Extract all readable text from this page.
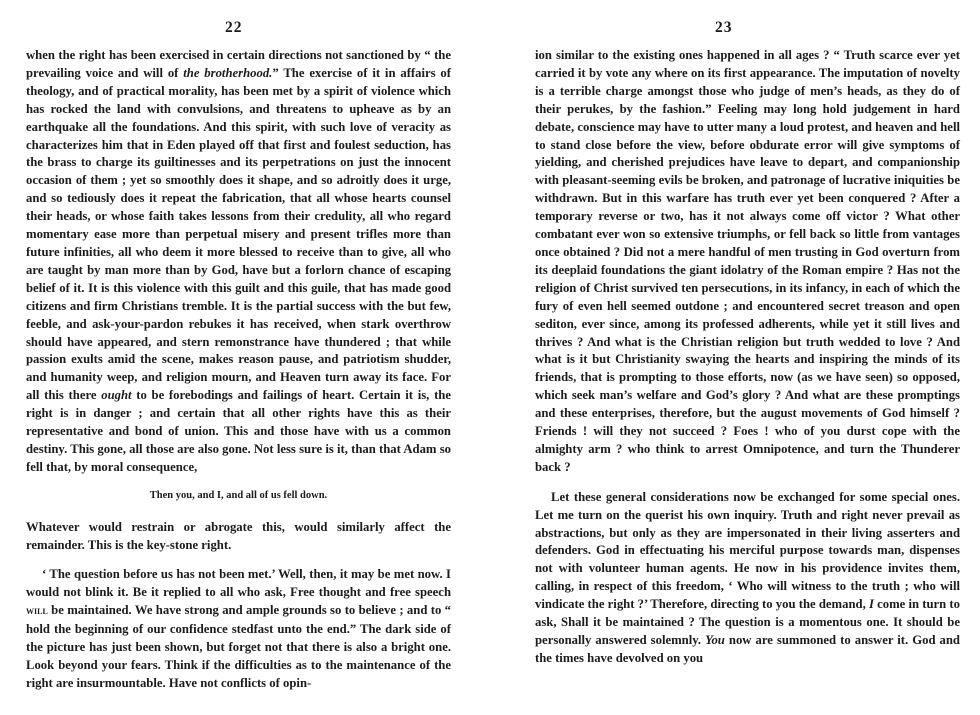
22

when the right has been exercised in certain directions not sanctioned by “ the prevailing voice and will of the brotherhood.” The exercise of it in affairs of theology, and of practical morality, has been met by a spirit of violence which has rocked the land with convulsions, and threatens to upheave as by an earthquake all the foundations. And this spirit, with such love of veracity as characterizes him that in Eden played off that first and foulest seduction, has the brass to charge its guiltinesses and its perpetrations on just the innocent occasion of them ; yet so smoothly does it shape, and so adroitly does it urge, and so tediously does it repeat the fabrication, that all whose hearts counsel their heads, or whose faith takes lessons from their credulity, all who regard momentary ease more than perpetual misery and present trifles more than future infinities, all who deem it more blessed to receive than to give, all who are taught by man more than by God, have but a forlorn chance of escaping belief of it. It is this violence with this guilt and this guile, that has made good citizens and firm Christians tremble. It is the partial success with the but few, feeble, and ask-your-pardon rebukes it has received, when stark overthrow should have appeared, and stern remonstrance have thundered ; that while passion exults amid the scene, makes reason pause, and patriotism shudder, and humanity weep, and religion mourn, and Heaven turn away its face. For all this there ought to be forebodings and failings of heart. Certain it is, the right is in danger ; and certain that all other rights have this as their representative and bond of union. This and those have with us a common destiny. This gone, all those are also gone. Not less sure is it, than that Adam so fell that, by moral consequence,

Then you, and I, and all of us fell down.

Whatever would restrain or abrogate this, would similarly affect the remainder. This is the key-stone right.

‘ The question before us has not been met.’ Well, then, it may be met now. I would not blink it. Be it replied to all who ask, Free thought and free speech will be maintained. We have strong and ample grounds so to believe ; and to “ hold the beginning of our confidence stedfast unto the end.” The dark side of the picture has just been shown, but forget not that there is also a bright one. Look beyond your fears. Think if the difficulties as to the maintenance of the right are insurmountable. Have not conflicts of opin-

23

ion similar to the existing ones happened in all ages ? “ Truth scarce ever yet carried it by vote any where on its first appearance. The imputation of novelty is a terrible charge amongst those who judge of men’s heads, as they do of their perukes, by the fashion.” Feeling may long hold judgement in hard debate, conscience may have to utter many a loud protest, and heaven and hell to stand close before the view, before obdurate error will give symptoms of yielding, and cherished prejudices have leave to depart, and companionship with pleasant-seeming evils be broken, and patronage of lucrative iniquities be withdrawn. But in this warfare has truth ever yet been conquered ? After a temporary reverse or two, has it not always come off victor ? What other combatant ever won so extensive triumphs, or fell back so little from vantages once obtained ? Did not a mere handful of men trusting in God overturn from its deeplaid foundations the giant idolatry of the Roman empire ? Has not the religion of Christ survived ten persecutions, in its infancy, in each of which the fury of even hell seemed outdone ; and encountered secret treason and open sediton, ever since, among its professed adherents, while yet it still lives and thrives ? And what is the Christian religion but truth wedded to love ? And what is it but Christianity swaying the hearts and inspiring the minds of its friends, that is prompting to those efforts, now (as we have seen) so opposed, which seek man’s welfare and God’s glory ? And what are these promptings and these enterprises, therefore, but the august movements of God himself ? Friends ! will they not succeed ? Foes ! who of you durst cope with the almighty arm ? who think to arrest Omnipotence, and turn the Thunderer back ?

Let these general considerations now be exchanged for some special ones. Let me turn on the querist his own inquiry. Truth and right never prevail as abstractions, but only as they are impersonated in their living asserters and defenders. God in effectuating his merciful purpose towards man, dispenses not with volunteer human agents. He now in his providence invites them, calling, in respect of this freedom, ‘ Who will witness to the truth ; who will vindicate the right ?’ Therefore, directing to you the demand, I come in turn to ask, Shall it be maintained ? The question is a momentous one. It should be personally answered solemnly. You now are summoned to answer it. God and the times have devolved on you
